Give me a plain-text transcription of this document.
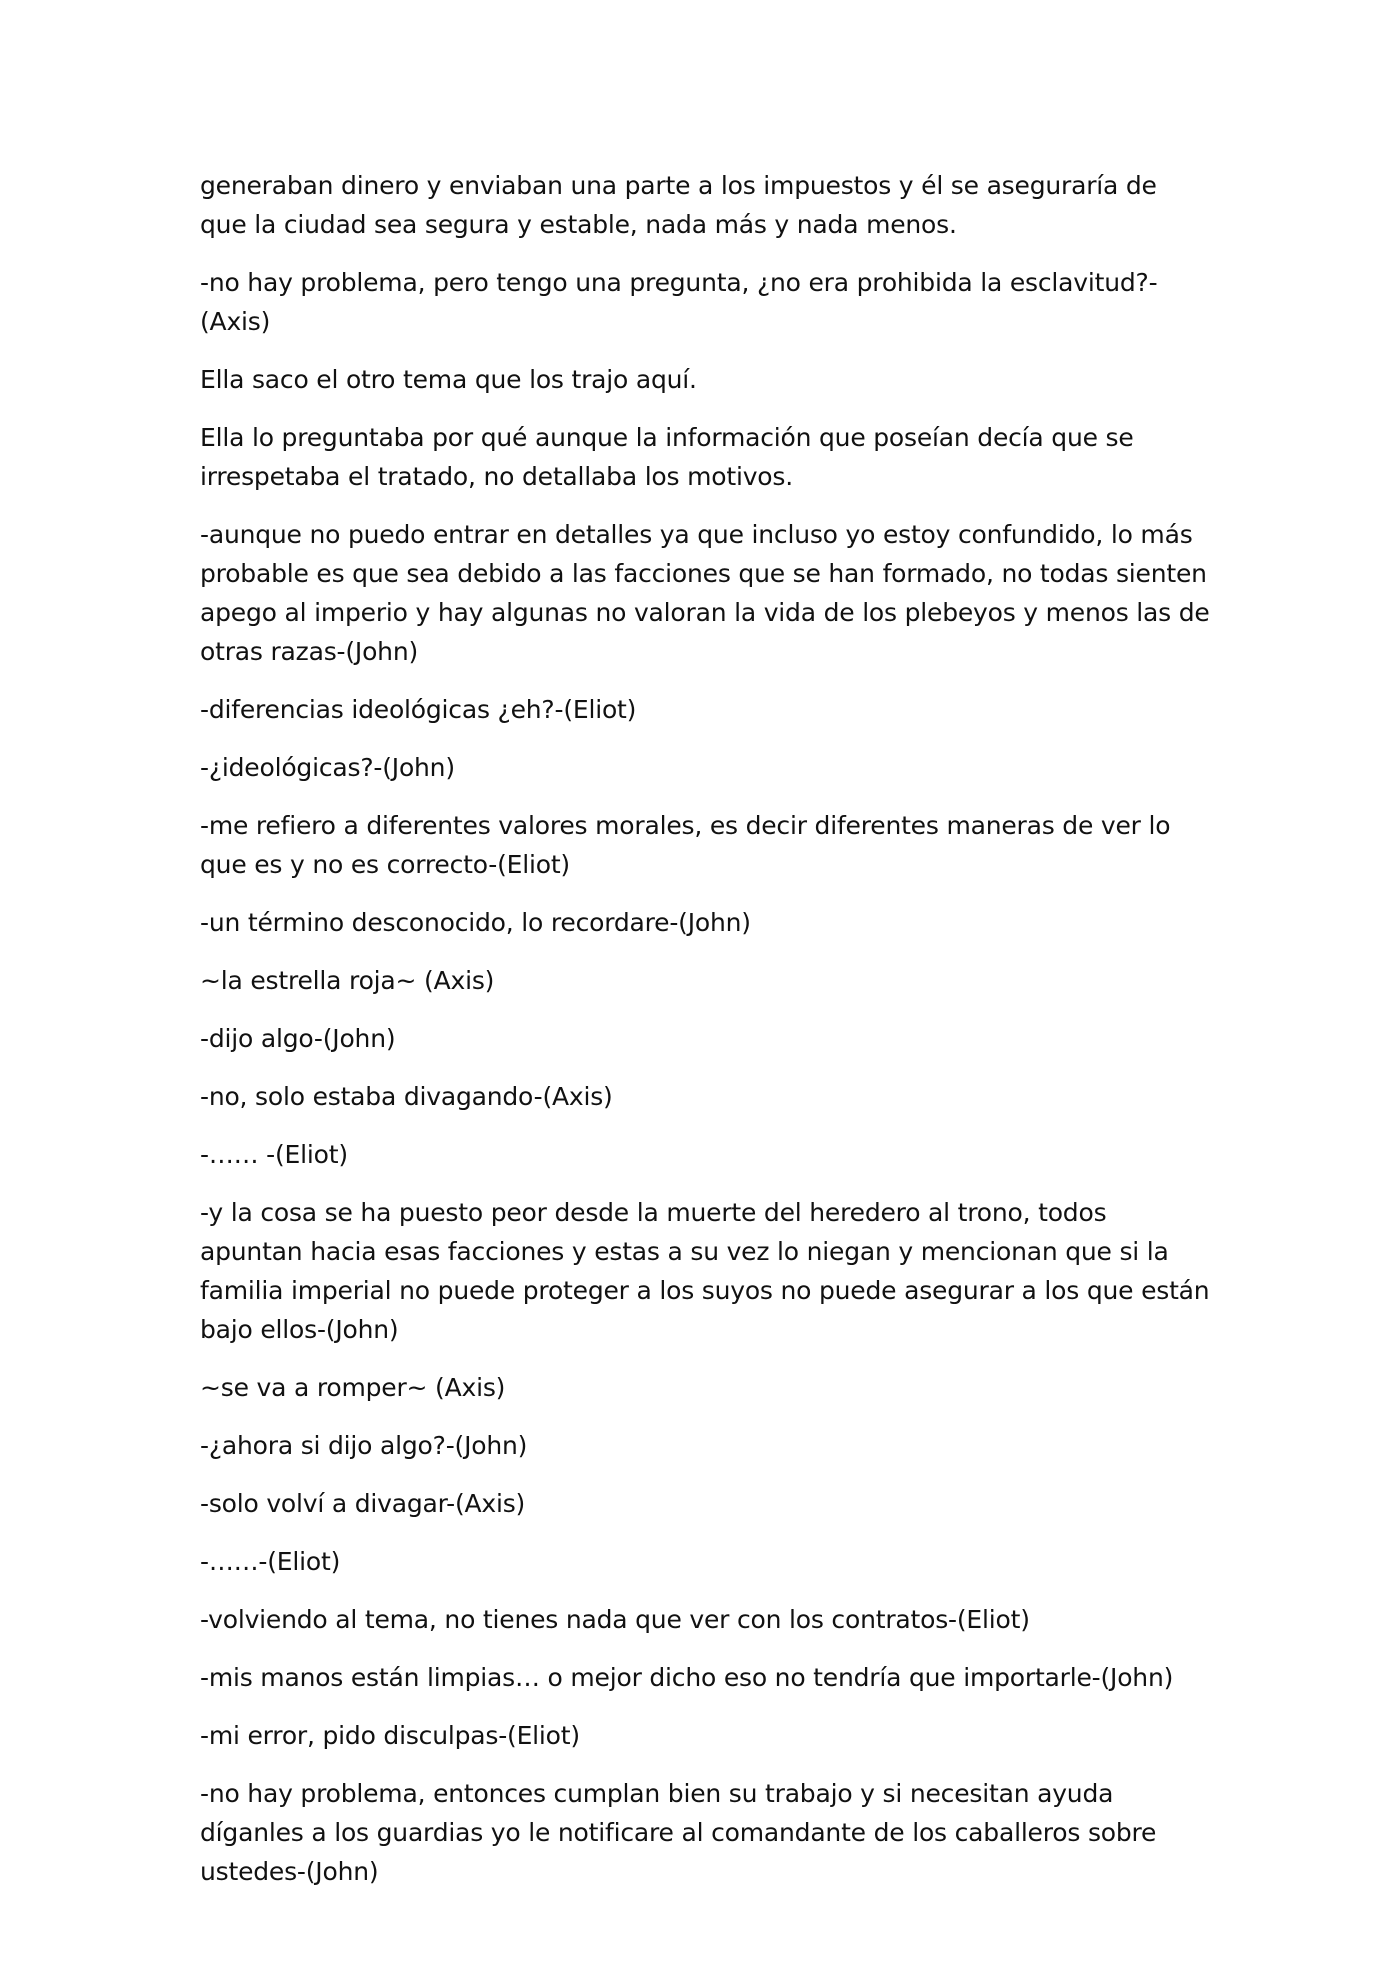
generaban dinero y enviaban una parte a los impuestos y él se aseguraría de que la ciudad sea segura y estable, nada más y nada menos.

-no hay problema, pero tengo una pregunta, ¿no era prohibida la esclavitud?-(Axis)

Ella saco el otro tema que los trajo aquí.

Ella lo preguntaba por qué aunque la información que poseían decía que se irrespetaba el tratado, no detallaba los motivos.

-aunque no puedo entrar en detalles ya que incluso yo estoy confundido, lo más probable es que sea debido a las facciones que se han formado, no todas sienten apego al imperio y hay algunas no valoran la vida de los plebeyos y menos las de otras razas-(John)

-diferencias ideológicas ¿eh?-(Eliot)

-¿ideológicas?-(John)

-me refiero a diferentes valores morales, es decir diferentes maneras de ver lo que es y no es correcto-(Eliot)

-un término desconocido, lo recordare-(John)

~la estrella roja~ (Axis)

-dijo algo-(John)

-no, solo estaba divagando-(Axis)

-…… -(Eliot)

-y la cosa se ha puesto peor desde la muerte del heredero al trono, todos apuntan hacia esas facciones y estas a su vez lo niegan y mencionan que si la familia imperial no puede proteger a los suyos no puede asegurar a los que están bajo ellos-(John)

~se va a romper~ (Axis)

-¿ahora si dijo algo?-(John)

-solo volví a divagar-(Axis)

-……-(Eliot)

-volviendo al tema, no tienes nada que ver con los contratos-(Eliot)

-mis manos están limpias… o mejor dicho eso no tendría que importarle-(John)

-mi error, pido disculpas-(Eliot)

-no hay problema, entonces cumplan bien su trabajo y si necesitan ayuda díganles a los guardias yo le notificare al comandante de los caballeros sobre ustedes-(John)
